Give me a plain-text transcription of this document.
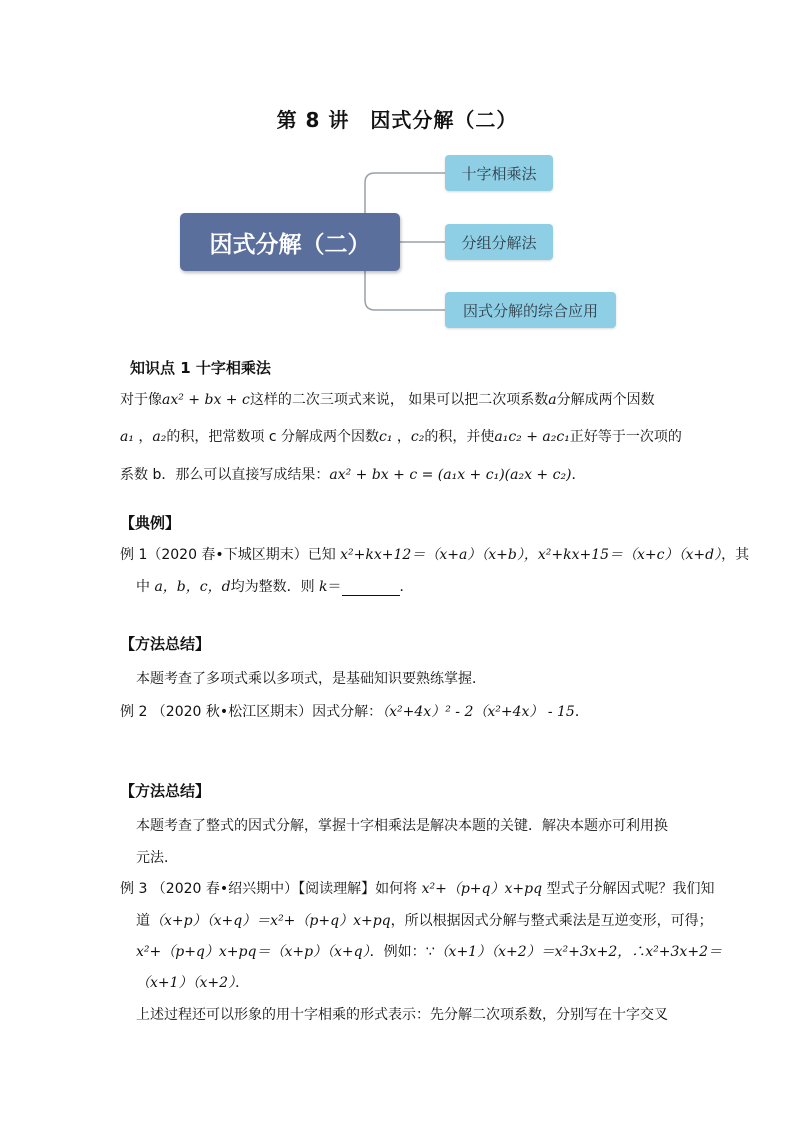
第 8 讲　因式分解（二）
因式分解（二）
十字相乘法
分组分解法
因式分解的综合应用
知识点 1 十字相乘法
对于像ax² + bx + c这样的二次三项式来说， 如果可以把二次项系数a分解成两个因数
a₁ ，a₂的积，把常数项 c 分解成两个因数c₁ ，c₂的积，并使a₁c₂ + a₂c₁正好等于一次项的
系数 b．那么可以直接写成结果：ax² + bx + c = (a₁x + c₁)(a₂x + c₂)．
【典例】
例 1（2020 春•下城区期末）已知 x²+kx+12＝（x+a）（x+b），x²+kx+15＝（x+c）（x+d），其
中 a，b，c，d均为整数．则 k＝	．
【方法总结】
本题考查了多项式乘以多项式，是基础知识要熟练掌握．
例 2 （2020 秋•松江区期末）因式分解：（x²+4x）² - 2（x²+4x） - 15．
【方法总结】
本题考查了整式的因式分解，掌握十字相乘法是解决本题的关键．解决本题亦可利用换
元法．
例 3 （2020 春•绍兴期中）【阅读理解】如何将 x²+（p+q）x+pq 型式子分解因式呢？我们知
道（x+p）（x+q）＝x²+（p+q）x+pq，所以根据因式分解与整式乘法是互逆变形，可得；
x²+（p+q）x+pq＝（x+p）（x+q）．例如：∵（x+1）（x+2）＝x²+3x+2，∴x²+3x+2＝
（x+1）（x+2）．
上述过程还可以形象的用十字相乘的形式表示：先分解二次项系数，分别写在十字交叉
